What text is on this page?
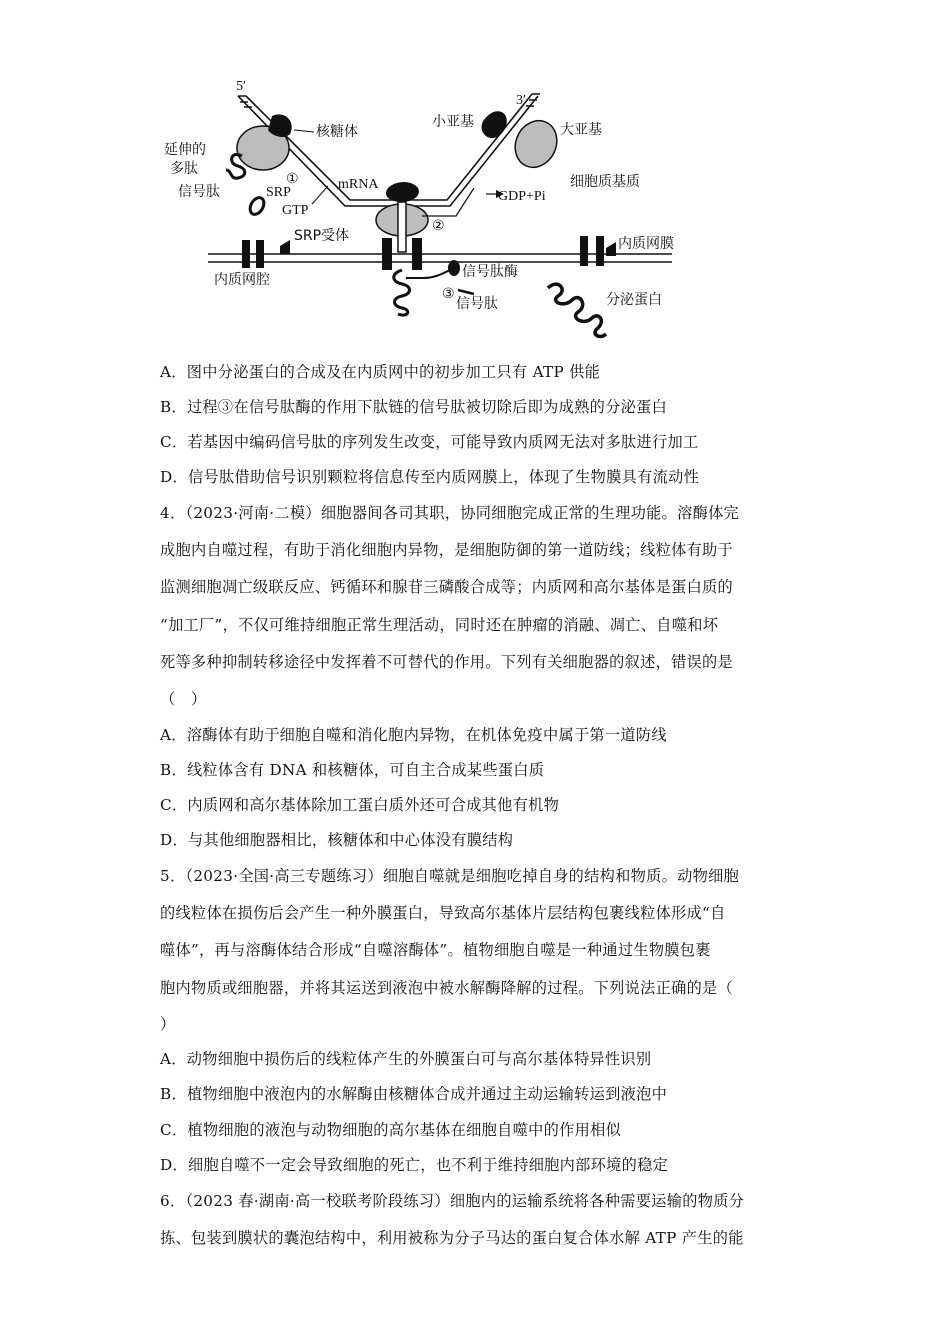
5′
3′
核糖体
延伸的
多肽
信号肽	SRP
①
GTP
mRNA
②
GDP+Pi
小亚基	大亚基
细胞质基质
SRP受体	内质网膜
内质网腔	信号肽酶
③
信号肽	分泌蛋白
A．图中分泌蛋白的合成及在内质网中的初步加工只有 ATP 供能
B．过程③在信号肽酶的作用下肽链的信号肽被切除后即为成熟的分泌蛋白
C．若基因中编码信号肽的序列发生改变，可能导致内质网无法对多肽进行加工
D．信号肽借助信号识别颗粒将信息传至内质网膜上，体现了生物膜具有流动性
4．（2023·河南·二模）细胞器间各司其职，协同细胞完成正常的生理功能。溶酶体完
成胞内自噬过程，有助于消化细胞内异物，是细胞防御的第一道防线；线粒体有助于
监测细胞凋亡级联反应、钙循环和腺苷三磷酸合成等；内质网和高尔基体是蛋白质的
“加工厂”，不仅可维持细胞正常生理活动，同时还在肿瘤的消融、凋亡、自噬和坏
死等多种抑制转移途径中发挥着不可替代的作用。下列有关细胞器的叙述，错误的是
（　）
A．溶酶体有助于细胞自噬和消化胞内异物，在机体免疫中属于第一道防线
B．线粒体含有 DNA 和核糖体，可自主合成某些蛋白质
C．内质网和高尔基体除加工蛋白质外还可合成其他有机物
D．与其他细胞器相比，核糖体和中心体没有膜结构
5．（2023·全国·高三专题练习）细胞自噬就是细胞吃掉自身的结构和物质。动物细胞
的线粒体在损伤后会产生一种外膜蛋白，导致高尔基体片层结构包裹线粒体形成“自
噬体”，再与溶酶体结合形成“自噬溶酶体”。植物细胞自噬是一种通过生物膜包裹
胞内物质或细胞器，并将其运送到液泡中被水解酶降解的过程。下列说法正确的是（
）
A．动物细胞中损伤后的线粒体产生的外膜蛋白可与高尔基体特异性识别
B．植物细胞中液泡内的水解酶由核糖体合成并通过主动运输转运到液泡中
C．植物细胞的液泡与动物细胞的高尔基体在细胞自噬中的作用相似
D．细胞自噬不一定会导致细胞的死亡，也不利于维持细胞内部环境的稳定
6．（2023 春·湖南·高一校联考阶段练习）细胞内的运输系统将各种需要运输的物质分
拣、包装到膜状的囊泡结构中，利用被称为分子马达的蛋白复合体水解 ATP 产生的能
